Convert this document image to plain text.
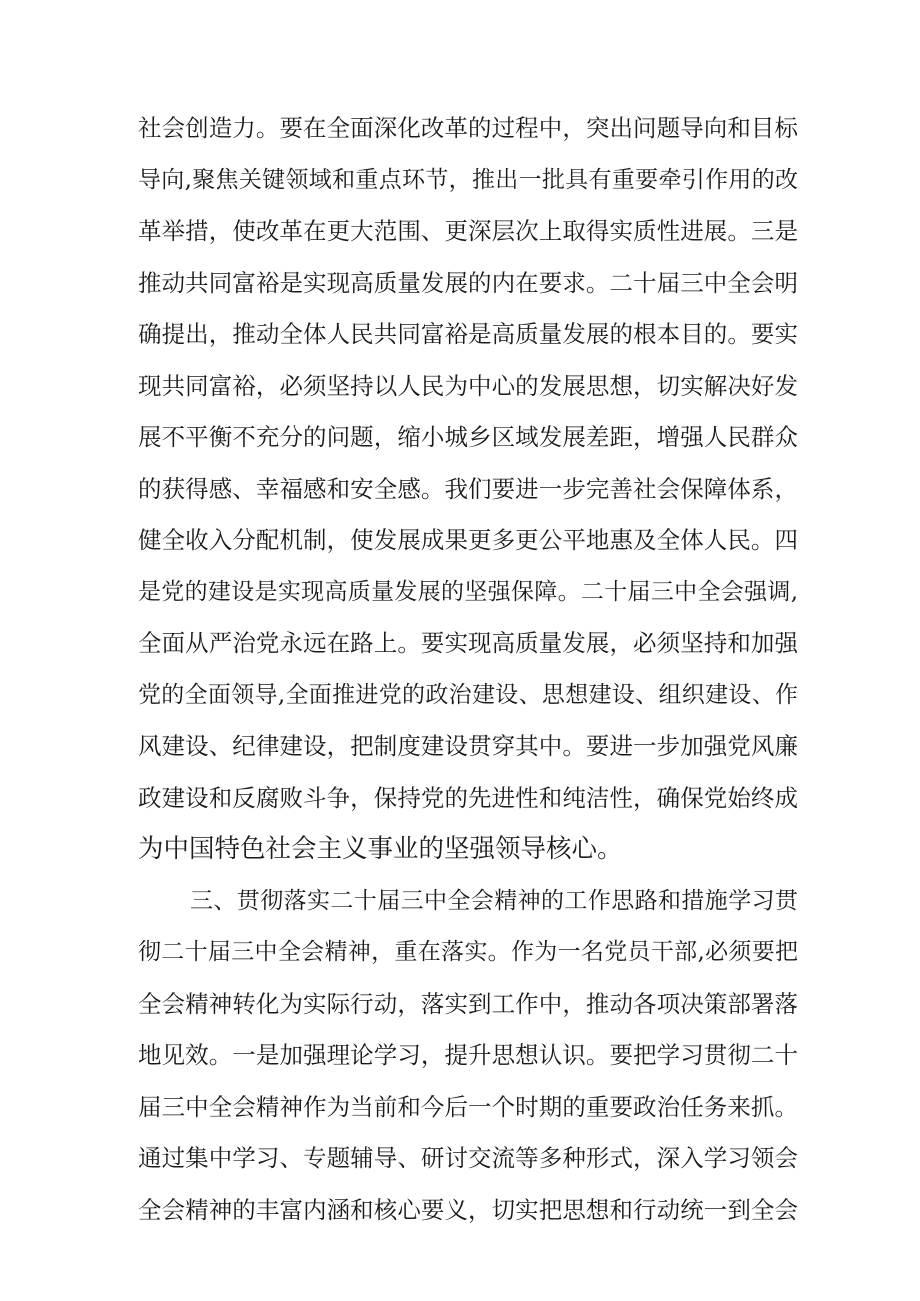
社会创造力。要在全面深化改革的过程中，突出问题导向和目标
导向,聚焦关键领域和重点环节，推出一批具有重要牵引作用的改
革举措，使改革在更大范围、更深层次上取得实质性进展。三是
推动共同富裕是实现高质量发展的内在要求。二十届三中全会明
确提出，推动全体人民共同富裕是高质量发展的根本目的。要实
现共同富裕，必须坚持以人民为中心的发展思想，切实解决好发
展不平衡不充分的问题，缩小城乡区域发展差距，增强人民群众
的获得感、幸福感和安全感。我们要进一步完善社会保障体系，
健全收入分配机制，使发展成果更多更公平地惠及全体人民。四
是党的建设是实现高质量发展的坚强保障。二十届三中全会强调,
全面从严治党永远在路上。要实现高质量发展，必须坚持和加强
党的全面领导,全面推进党的政治建设、思想建设、组织建设、作
风建设、纪律建设，把制度建设贯穿其中。要进一步加强党风廉
政建设和反腐败斗争，保持党的先进性和纯洁性，确保党始终成
为中国特色社会主义事业的坚强领导核心。
三、贯彻落实二十届三中全会精神的工作思路和措施学习贯
彻二十届三中全会精神，重在落实。作为一名党员干部,必须要把
全会精神转化为实际行动，落实到工作中，推动各项决策部署落
地见效。一是加强理论学习，提升思想认识。要把学习贯彻二十
届三中全会精神作为当前和今后一个时期的重要政治任务来抓。
通过集中学习、专题辅导、研讨交流等多种形式，深入学习领会
全会精神的丰富内涵和核心要义，切实把思想和行动统一到全会
